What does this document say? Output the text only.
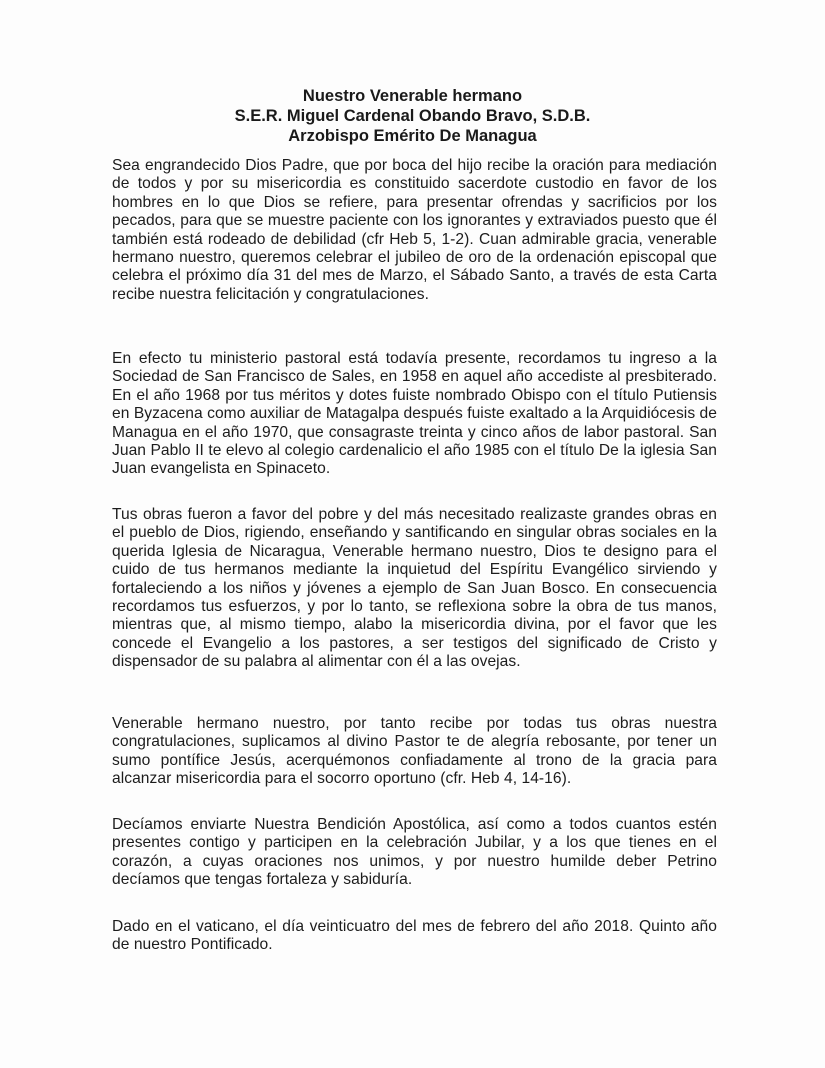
Nuestro Venerable hermano
S.E.R. Miguel Cardenal Obando Bravo, S.D.B.
Arzobispo Emérito De Managua
Sea engrandecido Dios Padre, que por boca del hijo recibe la oración para mediación de todos y por su misericordia es constituido sacerdote custodio en favor de los hombres en lo que Dios se refiere, para presentar ofrendas y sacrificios por los pecados, para que se muestre paciente con los ignorantes y extraviados puesto que él también está rodeado de debilidad (cfr Heb 5, 1-2). Cuan admirable gracia, venerable hermano nuestro, queremos celebrar el jubileo de oro de la ordenación episcopal que celebra el próximo día 31 del mes de Marzo, el Sábado Santo, a través de esta Carta recibe nuestra felicitación y congratulaciones.
En efecto tu ministerio pastoral está todavía presente, recordamos tu ingreso a la Sociedad de San Francisco de Sales, en 1958 en aquel año accediste al presbiterado. En el año 1968 por tus méritos y dotes fuiste nombrado Obispo con el título Putiensis en Byzacena como auxiliar de Matagalpa después fuiste exaltado a la Arquidiócesis de Managua en el año 1970, que consagraste treinta y cinco años de labor pastoral. San Juan Pablo II te elevo al colegio cardenalicio el año 1985 con el título De la iglesia San Juan evangelista en Spinaceto.
Tus obras fueron a favor del pobre y del más necesitado realizaste grandes obras en el pueblo de Dios, rigiendo, enseñando y santificando en singular obras sociales en la querida Iglesia de Nicaragua, Venerable hermano nuestro, Dios te designo para el cuido de tus hermanos mediante la inquietud del Espíritu Evangélico sirviendo y fortaleciendo a los niños y jóvenes a ejemplo de San Juan Bosco. En consecuencia recordamos tus esfuerzos, y por lo tanto, se reflexiona sobre la obra de tus manos, mientras que, al mismo tiempo, alabo la misericordia divina, por el favor que les concede el Evangelio a los pastores, a ser testigos del significado de Cristo y dispensador de su palabra al alimentar con él a las ovejas.
Venerable hermano nuestro, por tanto recibe por todas tus obras nuestra congratulaciones, suplicamos al divino Pastor te de alegría rebosante, por tener un sumo pontífice Jesús, acerquémonos confiadamente al trono de la gracia para alcanzar misericordia para el socorro oportuno (cfr. Heb 4, 14-16).
Decíamos enviarte Nuestra Bendición Apostólica, así como a todos cuantos estén presentes contigo y participen en la celebración Jubilar, y a los que tienes en el corazón, a cuyas oraciones nos unimos, y por nuestro humilde deber Petrino decíamos que tengas fortaleza y sabiduría.
Dado en el vaticano, el día veinticuatro del mes de febrero del año 2018. Quinto año de nuestro Pontificado.
